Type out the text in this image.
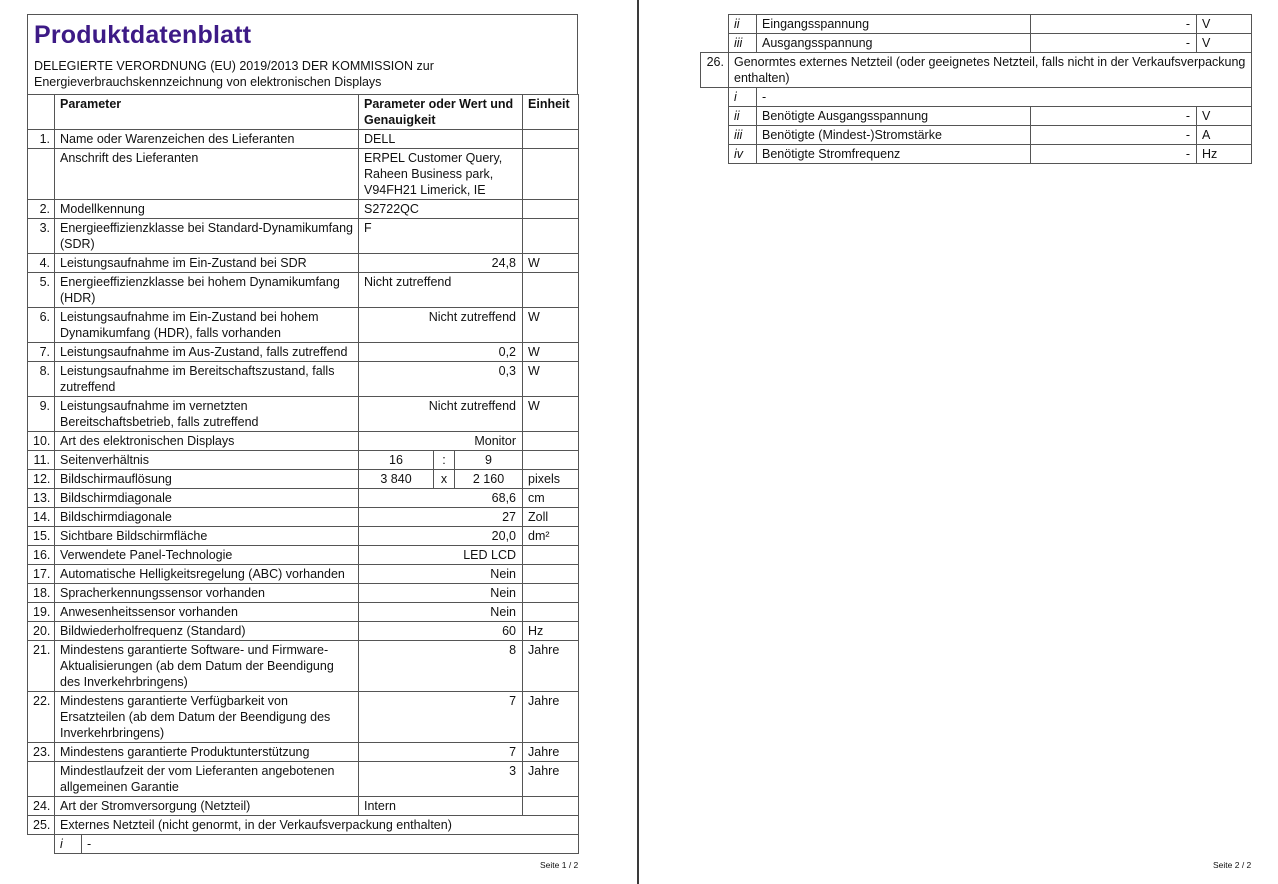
Produktdatenblatt
DELEGIERTE VERORDNUNG (EU) 2019/2013 DER KOMMISSION zur Energieverbrauchskennzeichnung von elektronischen Displays
	Parameter		Parameter oder Wert und Genauigkeit			Einheit
1.	Name oder Warenzeichen des Lieferanten		DELL			
	Anschrift des Lieferanten		ERPEL Customer Query, Raheen Business park, V94FH21 Limerick, IE			
2.	Modellkennung		S2722QC			
3.	Energieeffizienzklasse bei Standard-Dynamikumfang (SDR)		F			
4.	Leistungsaufnahme im Ein-Zustand bei SDR		24,8			W
5.	Energieeffizienzklasse bei hohem Dynamikumfang (HDR)		Nicht zutreffend			
6.	Leistungsaufnahme im Ein-Zustand bei hohem Dynamikumfang (HDR), falls vorhanden		Nicht zutreffend			W
7.	Leistungsaufnahme im Aus-Zustand, falls zutreffend		0,2			W
8.	Leistungsaufnahme im Bereitschaftszustand, falls zutreffend		0,3			W
9.	Leistungsaufnahme im vernetzten Bereitschaftsbetrieb, falls zutreffend		Nicht zutreffend			W
10.	Art des elektronischen Displays		Monitor			
11.	Seitenverhältnis		16	:	9	
12.	Bildschirmauflösung		3 840	x	2 160	pixels
13.	Bildschirmdiagonale		68,6			cm
14.	Bildschirmdiagonale		27			Zoll
15.	Sichtbare Bildschirmfläche		20,0			dm²
16.	Verwendete Panel-Technologie		LED LCD			
17.	Automatische Helligkeitsregelung (ABC) vorhanden		Nein			
18.	Spracherkennungssensor vorhanden		Nein			
19.	Anwesenheitssensor vorhanden		Nein			
20.	Bildwiederholfrequenz (Standard)		60			Hz
21.	Mindestens garantierte Software- und Firmware-Aktualisierungen (ab dem Datum der Beendigung des Inverkehrbringens)		8			Jahre
22.	Mindestens garantierte Verfügbarkeit von Ersatzteilen (ab dem Datum der Beendigung des Inverkehrbringens)		7			Jahre
23.	Mindestens garantierte Produktunterstützung		7			Jahre
	Mindestlaufzeit der vom Lieferanten angebotenen allgemeinen Garantie		3			Jahre
24.	Art der Stromversorgung (Netzteil)		Intern			
25.	Externes Netzteil (nicht genormt, in der Verkaufsverpackung enthalten)					
	i	-				
Seite 1 / 2
	ii	Eingangsspannung	-	V
	iii	Ausgangsspannung	-	V
26.	Genormtes externes Netzteil (oder geeignetes Netzteil, falls nicht in der Verkaufsverpackung enthalten)			
	i	-		
	ii	Benötigte Ausgangsspannung	-	V
	iii	Benötigte (Mindest-)Stromstärke	-	A
	iv	Benötigte Stromfrequenz	-	Hz
Seite 2 / 2
